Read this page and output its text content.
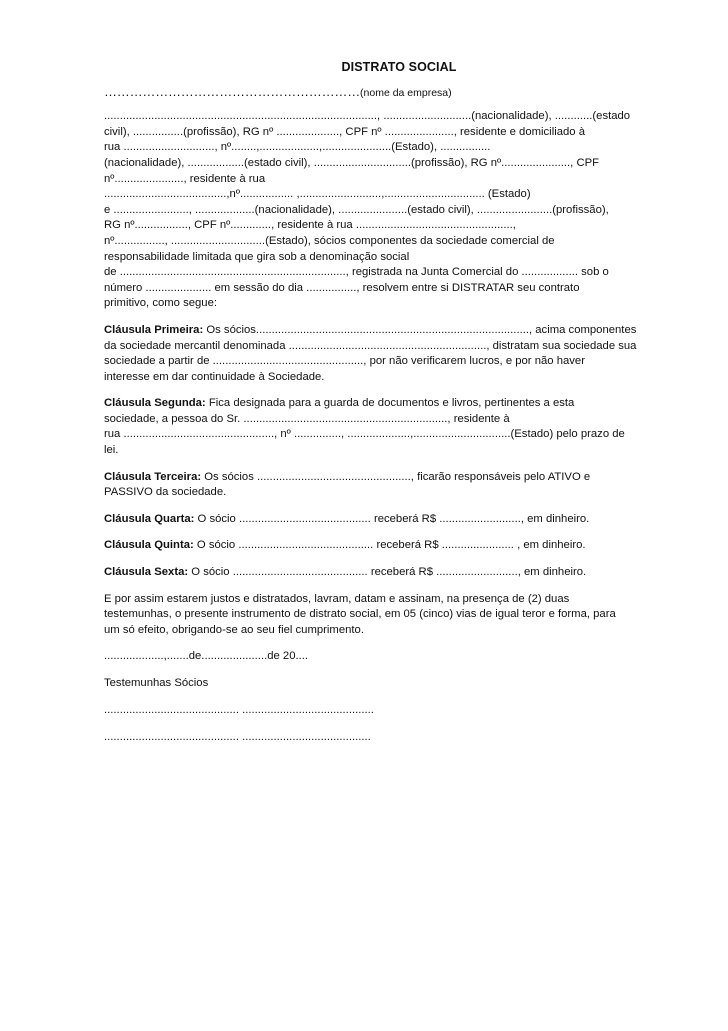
DISTRATO SOCIAL
……………………………………………………(nome da empresa)

......................................................................................., ............................(nacionalidade), ............(estado
civil), ................(profissão), RG nº ...................., CPF nº ......................, residente e domiciliado à
rua ............................., nº........,...................,......................(Estado), ................
(nacionalidade), ..................(estado civil), ...............................(profissão), RG nº......................, CPF
nº......................, residente à rua
.......................................,nº................. ,..........................,................................ (Estado)
e ........................, ...................(nacionalidade), ......................(estado civil), ........................(profissão),
RG nº................., CPF nº............., residente à rua ..................................................,
nº................, ..............................(Estado), sócios componentes da sociedade comercial de
responsabilidade limitada que gira sob a denominação social
de ........................................................................, registrada na Junta Comercial do .................. sob o
número ..................... em sessão do dia ................, resolvem entre si DISTRATAR seu contrato
primitivo, como segue:

Cláusula Primeira: Os sócios......................................................................................., acima componentes
da sociedade mercantil denominada ..............................................................., distratam sua sociedade sua
sociedade a partir de ................................................, por não verificarem lucros, e por não haver
interesse em dar continuidade à Sociedade.

Cláusula Segunda: Fica designada para a guarda de documentos e livros, pertinentes a esta
sociedade, a pessoa do Sr. ................................................................., residente à
rua ................................................, nº ..............., ....................,...............................(Estado) pelo prazo de
lei.

Cláusula Terceira: Os sócios ................................................., ficarão responsáveis pelo ATIVO e
PASSIVO da sociedade.

Cláusula Quarta: O sócio .......................................... receberá R$ .........................., em dinheiro.

Cláusula Quinta: O sócio ........................................... receberá R$ ....................... , em dinheiro.

Cláusula Sexta: O sócio ........................................... receberá R$ .........................., em dinheiro.

E por assim estarem justos e distratados, lavram, datam e assinam, na presença de (2) duas
testemunhas, o presente instrumento de distrato social, em 05 (cinco) vias de igual teror e forma, para
um só efeito, obrigando-se ao seu fiel cumprimento.

...................,.......de.....................de 20....

Testemunhas Sócios

........................................... ..........................................
........................................... .........................................
